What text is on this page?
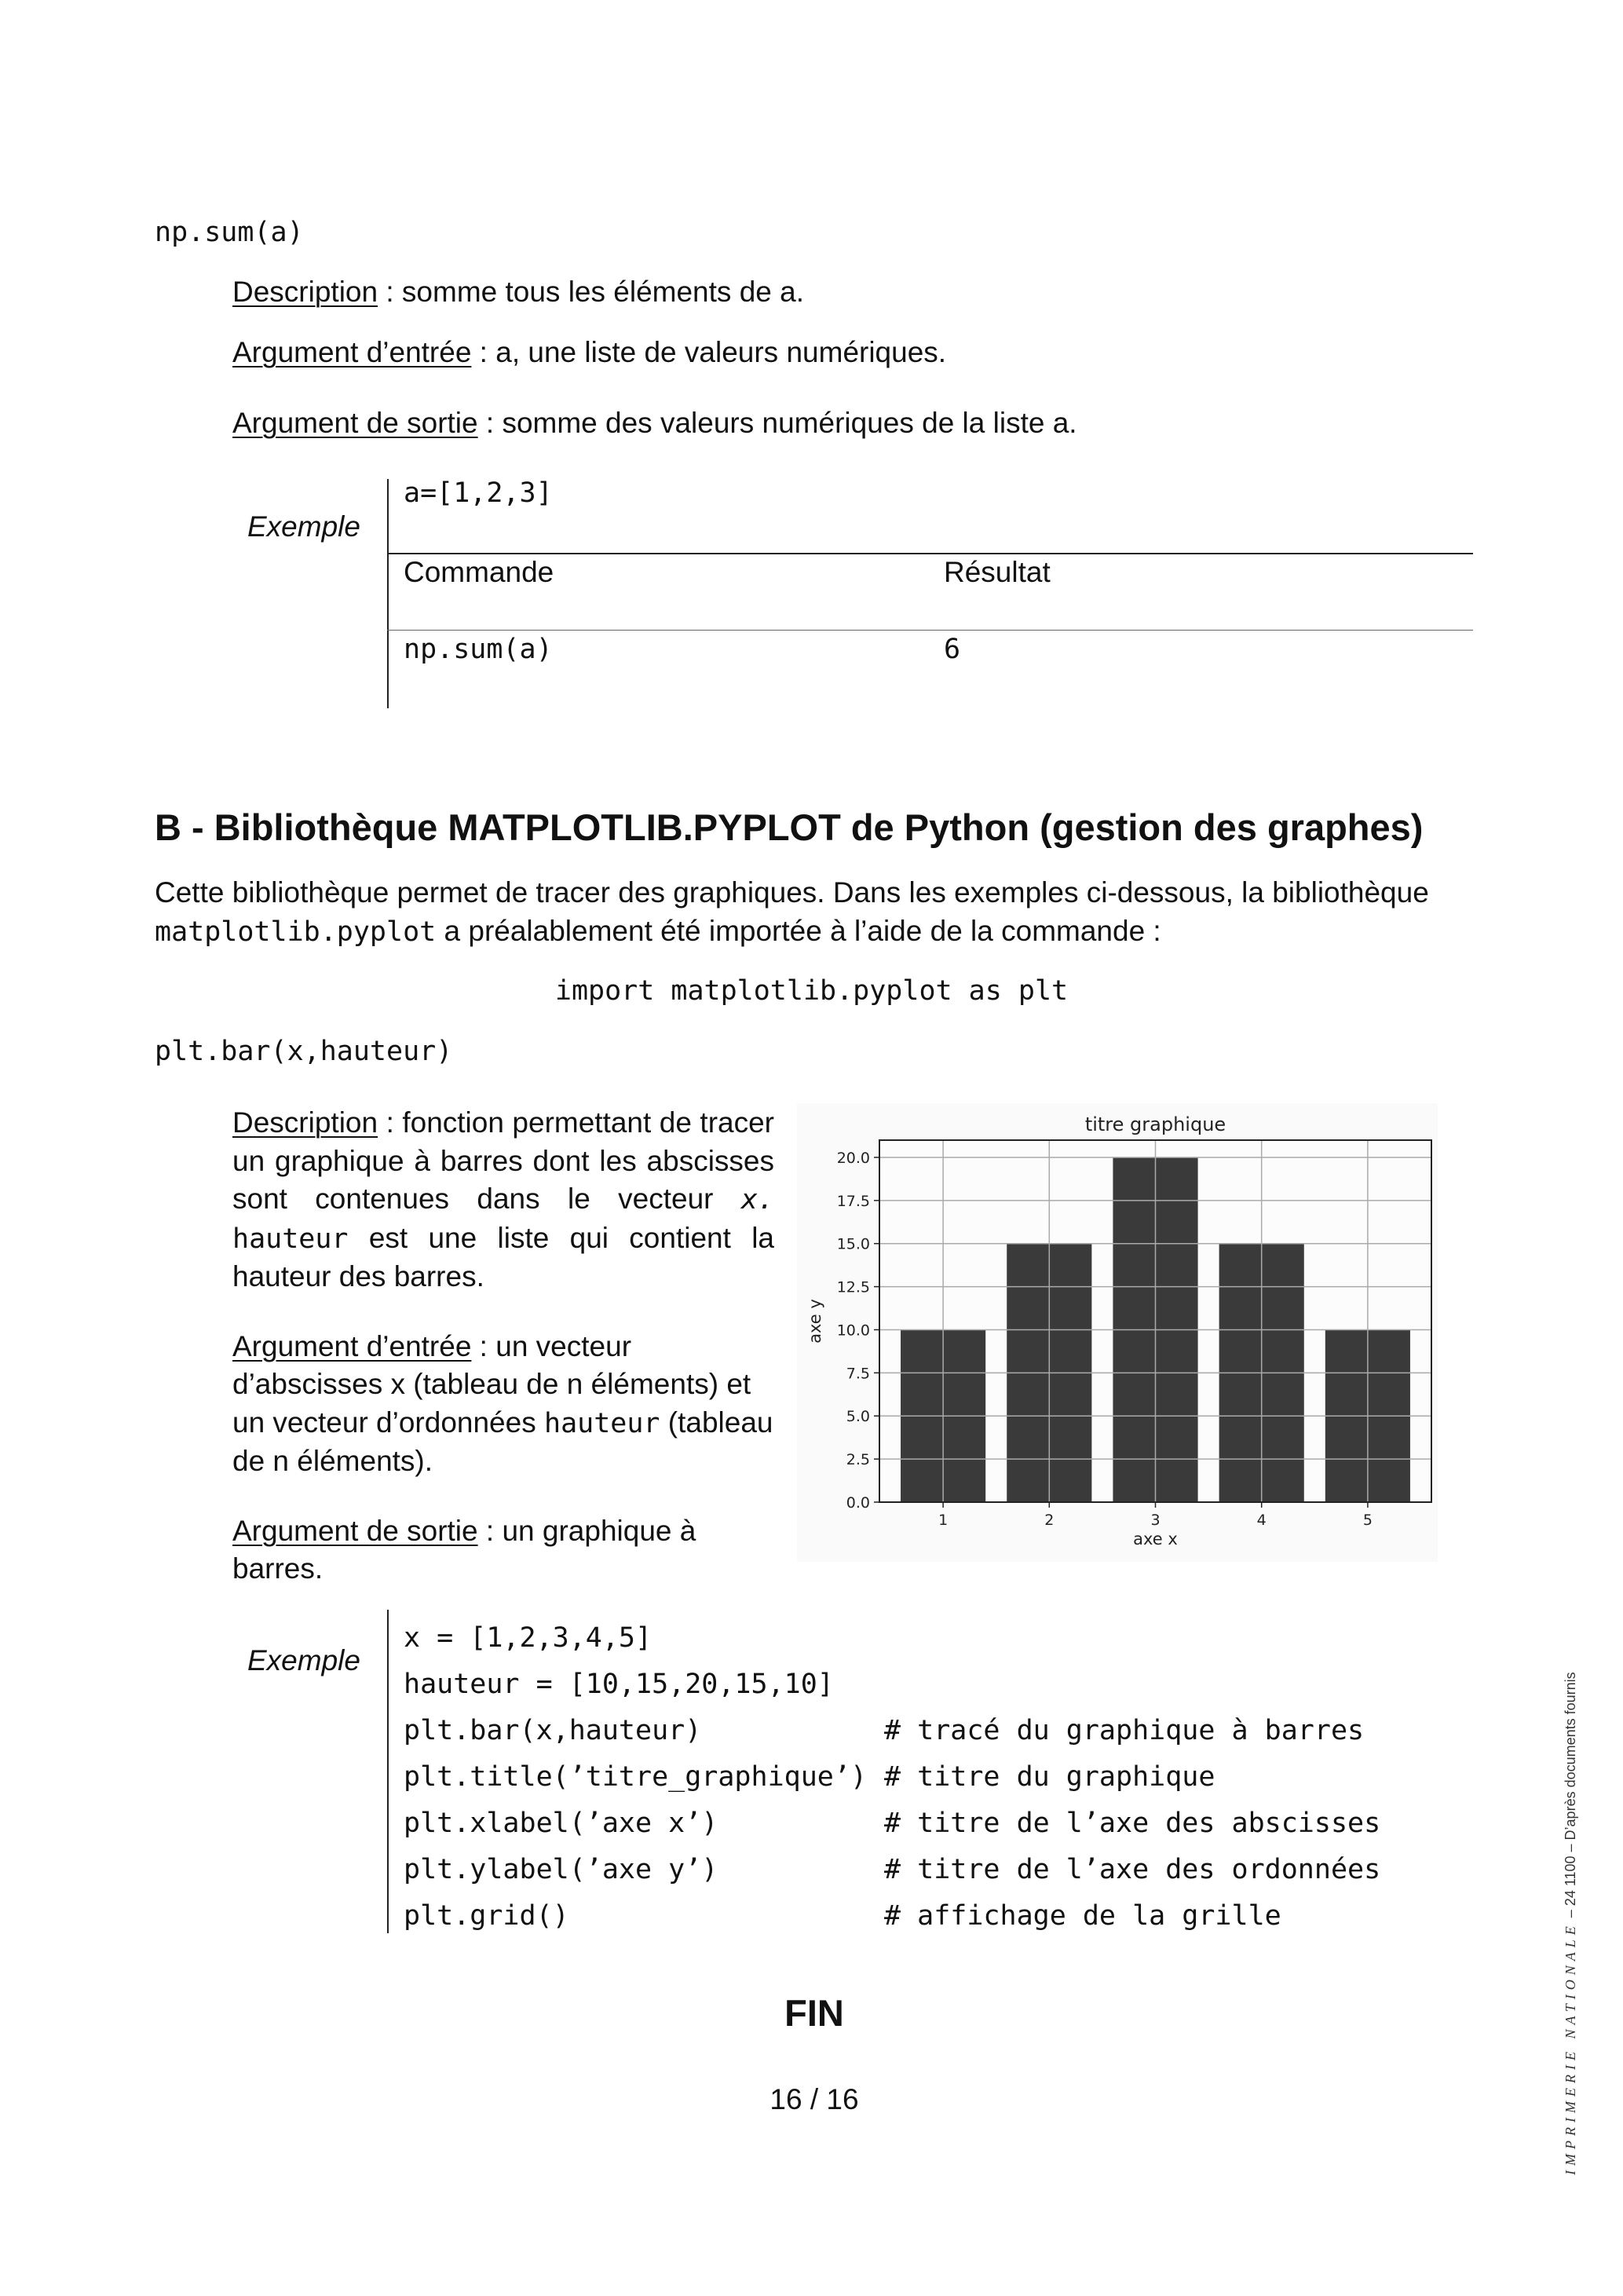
np.sum(a)
Description : somme tous les éléments de a.
Argument d’entrée : a, une liste de valeurs numériques.
Argument de sortie : somme des valeurs numériques de la liste a.
Exemple
a=[1,2,3]
Commande	Résultat
np.sum(a)	6
B - Bibliothèque MATPLOTLIB.PYPLOT de Python (gestion des graphes)
Cette bibliothèque permet de tracer des graphiques. Dans les exemples ci-dessous, la bibliothèque
matplotlib.pyplot a préalablement été importée à l’aide de la commande :
import matplotlib.pyplot as plt
plt.bar(x,hauteur)

Description : fonction permettant de tracer un graphique à barres dont les abscisses sont contenues dans le vecteur x. hauteur est une liste qui contient la hauteur des barres.

Argument d’entrée : un vecteur d’abscisses x (tableau de n éléments) et un vecteur d’ordonnées hauteur (tableau de n éléments).

Argument de sortie : un graphique à barres.

0.0
2.5
5.0
7.5
10.0
12.5
15.0
17.5
20.0
1	2	3	4	5
titre graphique
axe x
axe y
Exemple
x = [1,2,3,4,5]
hauteur = [10,15,20,15,10]
plt.bar(x,hauteur)	# tracé du graphique à barres
plt.title(’titre_graphique’) # titre du graphique
plt.xlabel(’axe x’)	# titre de l’axe des abscisses
plt.ylabel(’axe y’)	# titre de l’axe des ordonnées
plt.grid()	# affichage de la grille
FIN
16 / 16	IMPRIMERIE NATIONALE – 24 1100 – D’après documents fournis
